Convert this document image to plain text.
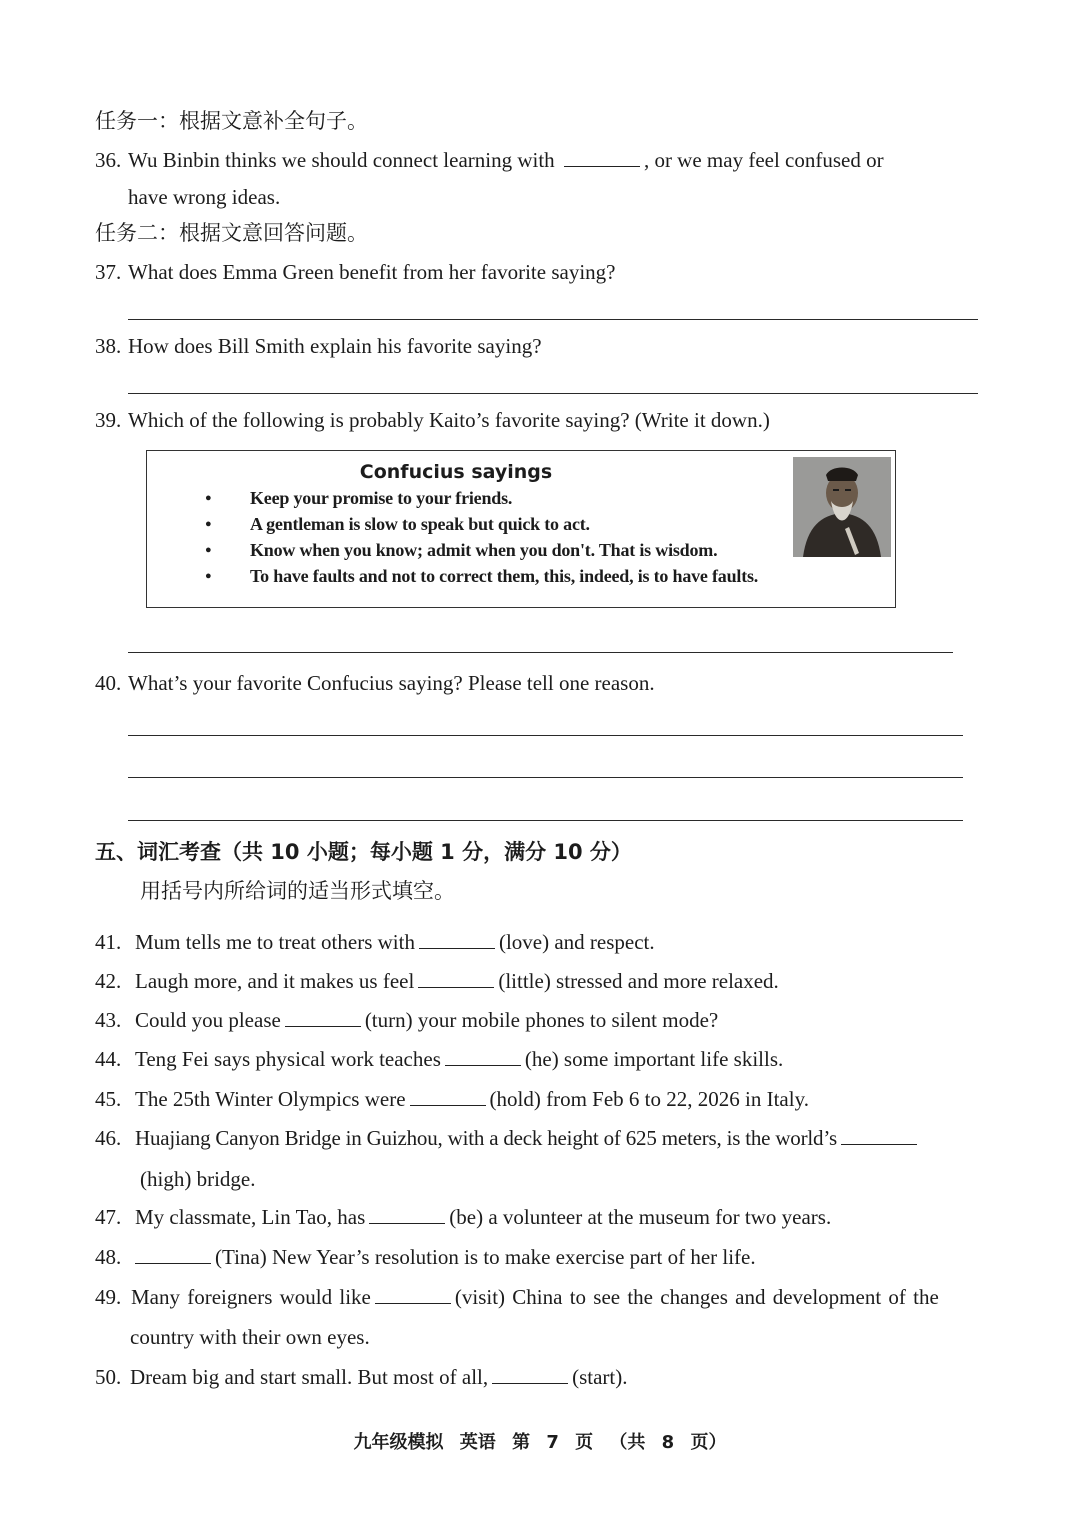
任务一：根据文意补全句子。
36. Wu Binbin thinks we should connect learning with	, or we may feel confused or
have wrong ideas.
任务二：根据文意回答问题。
37. What does Emma Green benefit from her favorite saying?
38. How does Bill Smith explain his favorite saying?
39. Which of the following is probably Kaito’s favorite saying? (Write it down.)
Confucius sayings
● Keep your promise to your friends.
● A gentleman is slow to speak but quick to act.
● Know when you know; admit when you don't. That is wisdom.
● To have faults and not to correct them, this, indeed, is to have faults.
40. What’s your favorite Confucius saying? Please tell one reason.
五、词汇考查（共 10 小题；每小题 1 分，满分 10 分）
用括号内所给词的适当形式填空。
41. Mum tells me to treat others with	(love) and respect.
42. Laugh more, and it makes us feel	(little) stressed and more relaxed.
43. Could you please	(turn) your mobile phones to silent mode?
44. Teng Fei says physical work teaches	(he) some important life skills.
45. The 25th Winter Olympics were	(hold) from Feb 6 to 22, 2026 in Italy.
46. Huajiang Canyon Bridge in Guizhou, with a deck height of 625 meters, is the world’s
(high) bridge.
47. My classmate, Lin Tao, has	(be) a volunteer at the museum for two years.
48.	(Tina) New Year’s resolution is to make exercise part of her life.
49. Many foreigners would like	(visit) China to see the changes and development of the
country with their own eyes.
50. Dream big and start small. But most of all,	(start).
九年级模拟 英语 第 7 页 （共 8 页）
